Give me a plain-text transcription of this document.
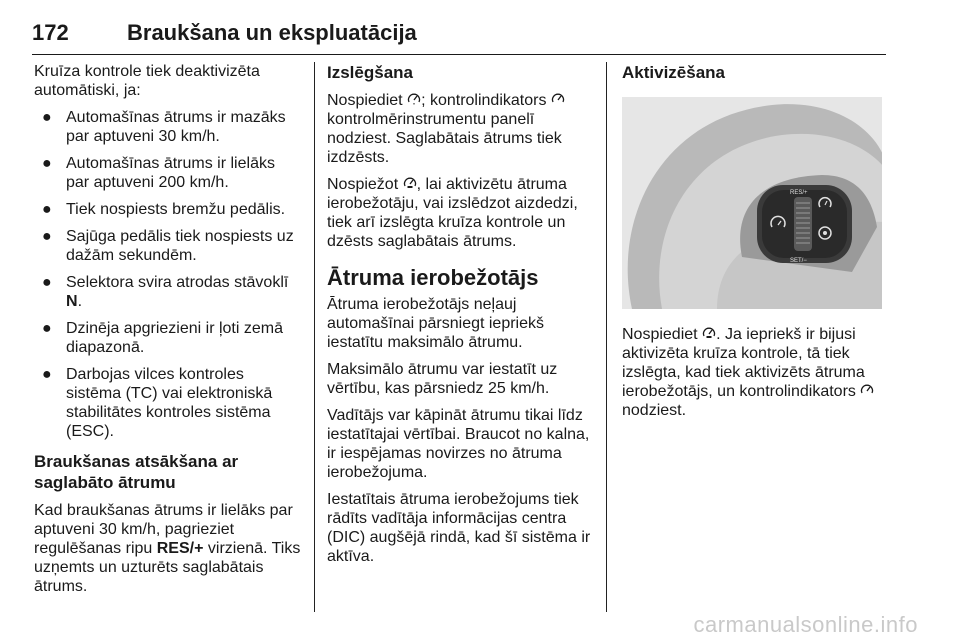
172	Braukšana un ekspluatācija

Kruīza kontrole tiek deaktivizēta automātiski, ja:

● Automašīnas ātrums ir mazāks par aptuveni 30 km/h.
● Automašīnas ātrums ir lielāks par aptuveni 200 km/h.
● Tiek nospiests bremžu pedālis.
● Sajūga pedālis tiek nospiests uz dažām sekundēm.
● Selektora svira atrodas stāvoklī N.
● Dzinēja apgriezieni ir ļoti zemā diapazonā.
● Darbojas vilces kontroles sistēma (TC) vai elektroniskā stabilitātes kontroles sistēma (ESC).
Braukšanas atsākšana ar saglabāto ātrumu

Kad braukšanas ātrums ir lielāks par aptuveni 30 km/h, pagrieziet regulēšanas ripu RES/+ virzienā. Tiks uzņemts un uzturēts saglabātais ātrums.

Izslēgšana

Nospiediet ; kontrolindikators  kontrolmērinstrumentu panelī nodziest. Saglabātais ātrums tiek izdzēsts.

Nospiežot , lai aktivizētu ātruma ierobežotāju, vai izslēdzot aizdedzi, tiek arī izslēgta kruīza kontrole un dzēsts saglabātais ātrums.

Ātruma ierobežotājs

Ātruma ierobežotājs neļauj automašīnai pārsniegt iepriekš iestatītu maksimālo ātrumu.

Maksimālo ātrumu var iestatīt uz vērtību, kas pārsniedz 25 km/h.

Vadītājs var kāpināt ātrumu tikai līdz iestatītajai vērtībai. Braucot no kalna, ir iespējamas novirzes no ātruma ierobežojuma.

Iestatītais ātruma ierobežojums tiek rādīts vadītāja informācijas centra (DIC) augšējā rindā, kad šī sistēma ir aktīva.

Aktivizēšana
RES/+
SET/−

Nospiediet . Ja iepriekš ir bijusi aktivizēta kruīza kontrole, tā tiek izslēgta, kad tiek aktivizēts ātruma ierobežotājs, un kontrolindikators  nodziest.

carmanualsonline.info
